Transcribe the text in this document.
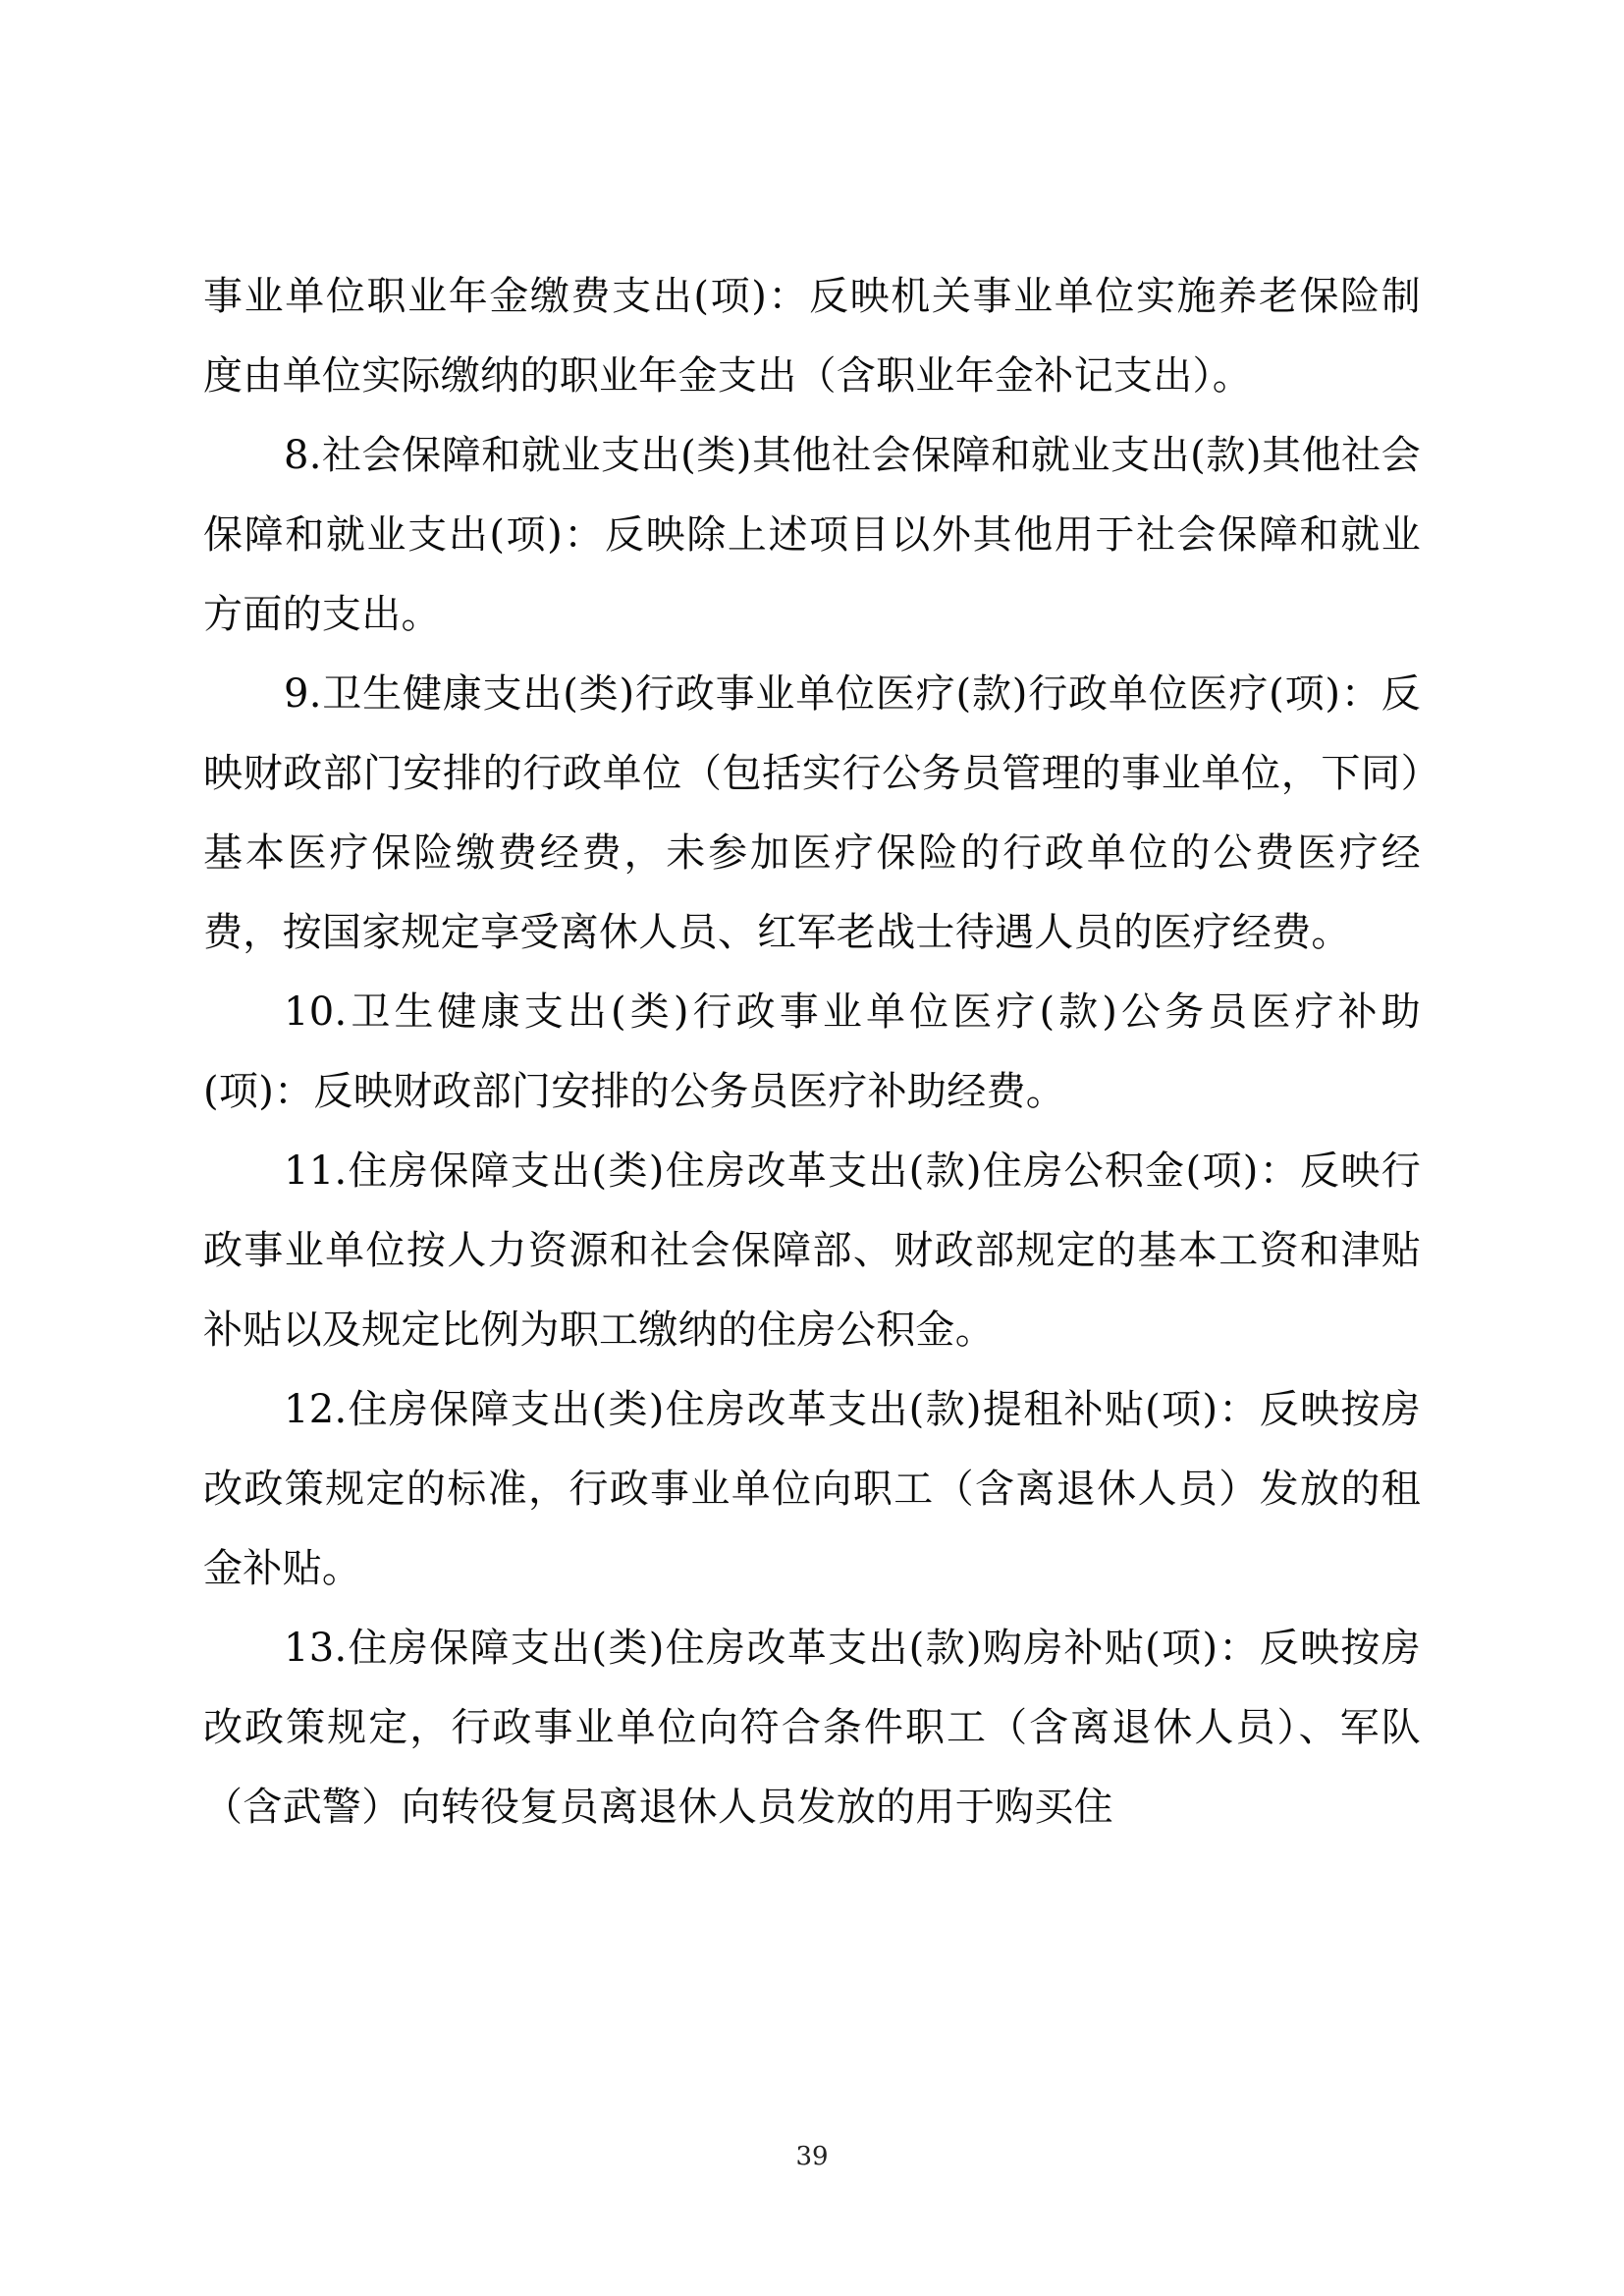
事业单位职业年金缴费支出(项)：反映机关事业单位实施养老保险制度由单位实际缴纳的职业年金支出（含职业年金补记支出）。

8.社会保障和就业支出(类)其他社会保障和就业支出(款)其他社会保障和就业支出(项)：反映除上述项目以外其他用于社会保障和就业方面的支出。

9.卫生健康支出(类)行政事业单位医疗(款)行政单位医疗(项)：反映财政部门安排的行政单位（包括实行公务员管理的事业单位，下同）基本医疗保险缴费经费，未参加医疗保险的行政单位的公费医疗经费，按国家规定享受离休人员、红军老战士待遇人员的医疗经费。

10.卫生健康支出(类)行政事业单位医疗(款)公务员医疗补助(项)：反映财政部门安排的公务员医疗补助经费。

11.住房保障支出(类)住房改革支出(款)住房公积金(项)：反映行政事业单位按人力资源和社会保障部、财政部规定的基本工资和津贴补贴以及规定比例为职工缴纳的住房公积金。

12.住房保障支出(类)住房改革支出(款)提租补贴(项)：反映按房改政策规定的标准，行政事业单位向职工（含离退休人员）发放的租金补贴。

13.住房保障支出(类)住房改革支出(款)购房补贴(项)：反映按房改政策规定，行政事业单位向符合条件职工（含离退休人员）、军队（含武警）向转役复员离退休人员发放的用于购买住

39
